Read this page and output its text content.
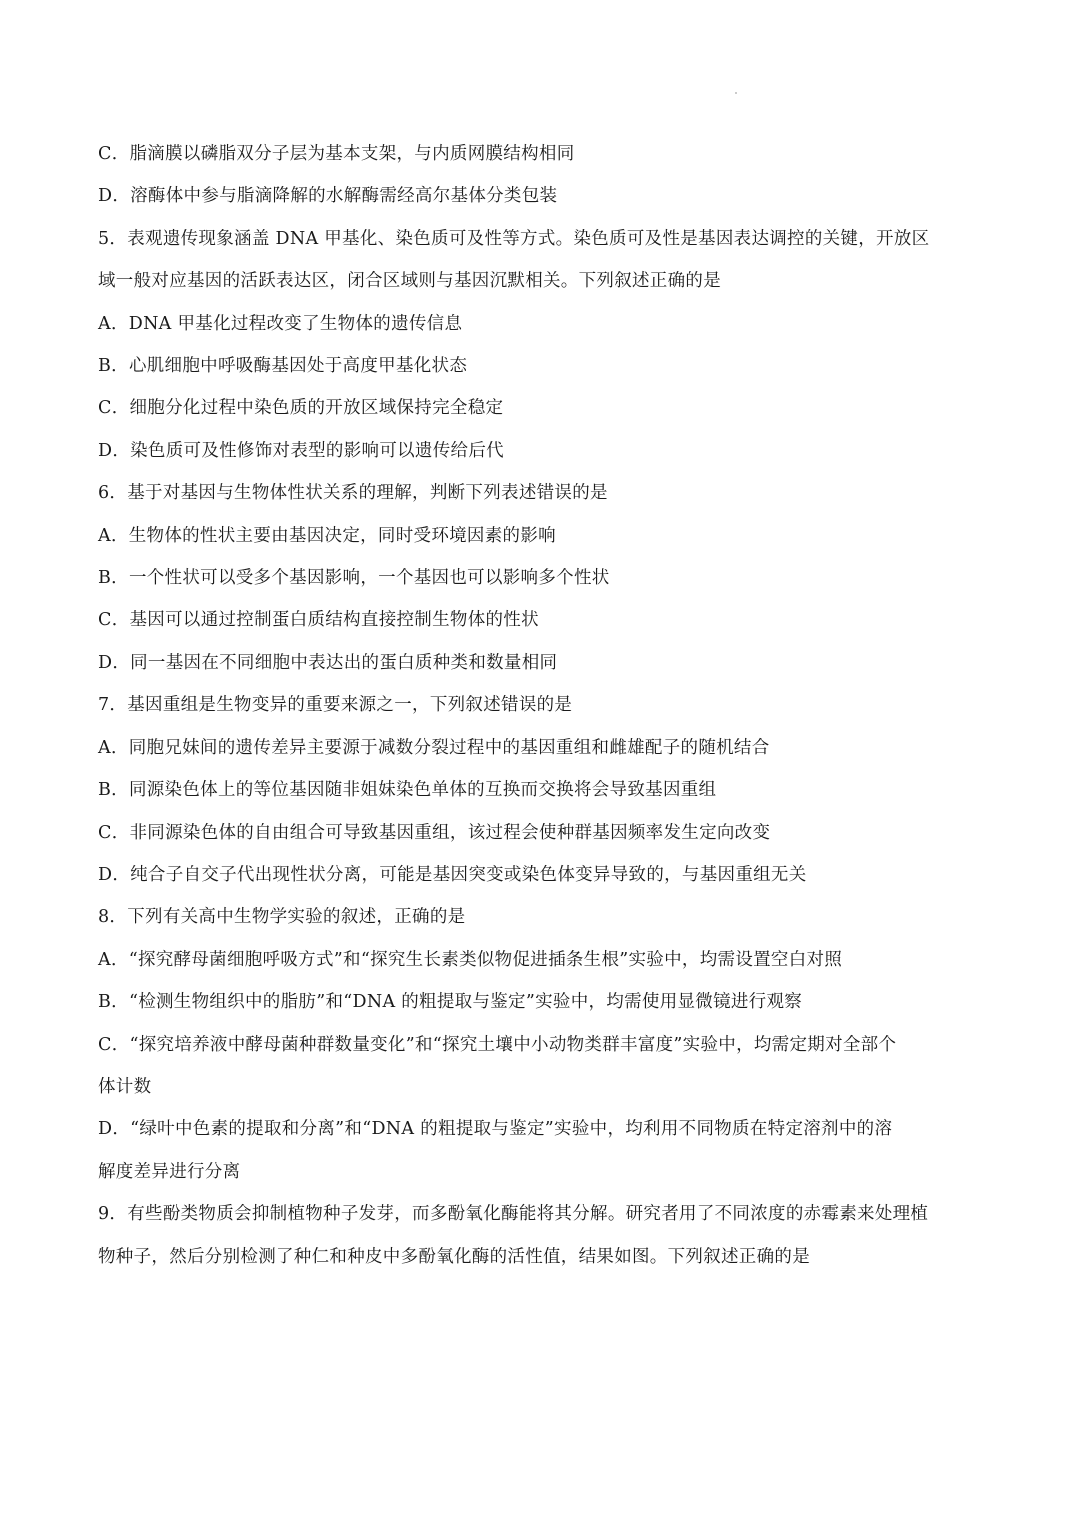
C．脂滴膜以磷脂双分子层为基本支架，与内质网膜结构相同
D．溶酶体中参与脂滴降解的水解酶需经高尔基体分类包装
5．表观遗传现象涵盖 DNA 甲基化、染色质可及性等方式。染色质可及性是基因表达调控的关键，开放区
域一般对应基因的活跃表达区，闭合区域则与基因沉默相关。下列叙述正确的是
A．DNA 甲基化过程改变了生物体的遗传信息
B．心肌细胞中呼吸酶基因处于高度甲基化状态
C．细胞分化过程中染色质的开放区域保持完全稳定
D．染色质可及性修饰对表型的影响可以遗传给后代
6．基于对基因与生物体性状关系的理解，判断下列表述错误的是
A．生物体的性状主要由基因决定，同时受环境因素的影响
B．一个性状可以受多个基因影响，一个基因也可以影响多个性状
C．基因可以通过控制蛋白质结构直接控制生物体的性状
D．同一基因在不同细胞中表达出的蛋白质种类和数量相同
7．基因重组是生物变异的重要来源之一，下列叙述错误的是
A．同胞兄妹间的遗传差异主要源于减数分裂过程中的基因重组和雌雄配子的随机结合
B．同源染色体上的等位基因随非姐妹染色单体的互换而交换将会导致基因重组
C．非同源染色体的自由组合可导致基因重组，该过程会使种群基因频率发生定向改变
D．纯合子自交子代出现性状分离，可能是基因突变或染色体变异导致的，与基因重组无关
8．下列有关高中生物学实验的叙述，正确的是
A．“探究酵母菌细胞呼吸方式”和“探究生长素类似物促进插条生根”实验中，均需设置空白对照
B．“检测生物组织中的脂肪”和“DNA 的粗提取与鉴定”实验中，均需使用显微镜进行观察
C．“探究培养液中酵母菌种群数量变化”和“探究土壤中小动物类群丰富度”实验中，均需定期对全部个
体计数
D．“绿叶中色素的提取和分离”和“DNA 的粗提取与鉴定”实验中，均利用不同物质在特定溶剂中的溶
解度差异进行分离
9．有些酚类物质会抑制植物种子发芽，而多酚氧化酶能将其分解。研究者用了不同浓度的赤霉素来处理植
物种子，然后分别检测了种仁和种皮中多酚氧化酶的活性值，结果如图。下列叙述正确的是
